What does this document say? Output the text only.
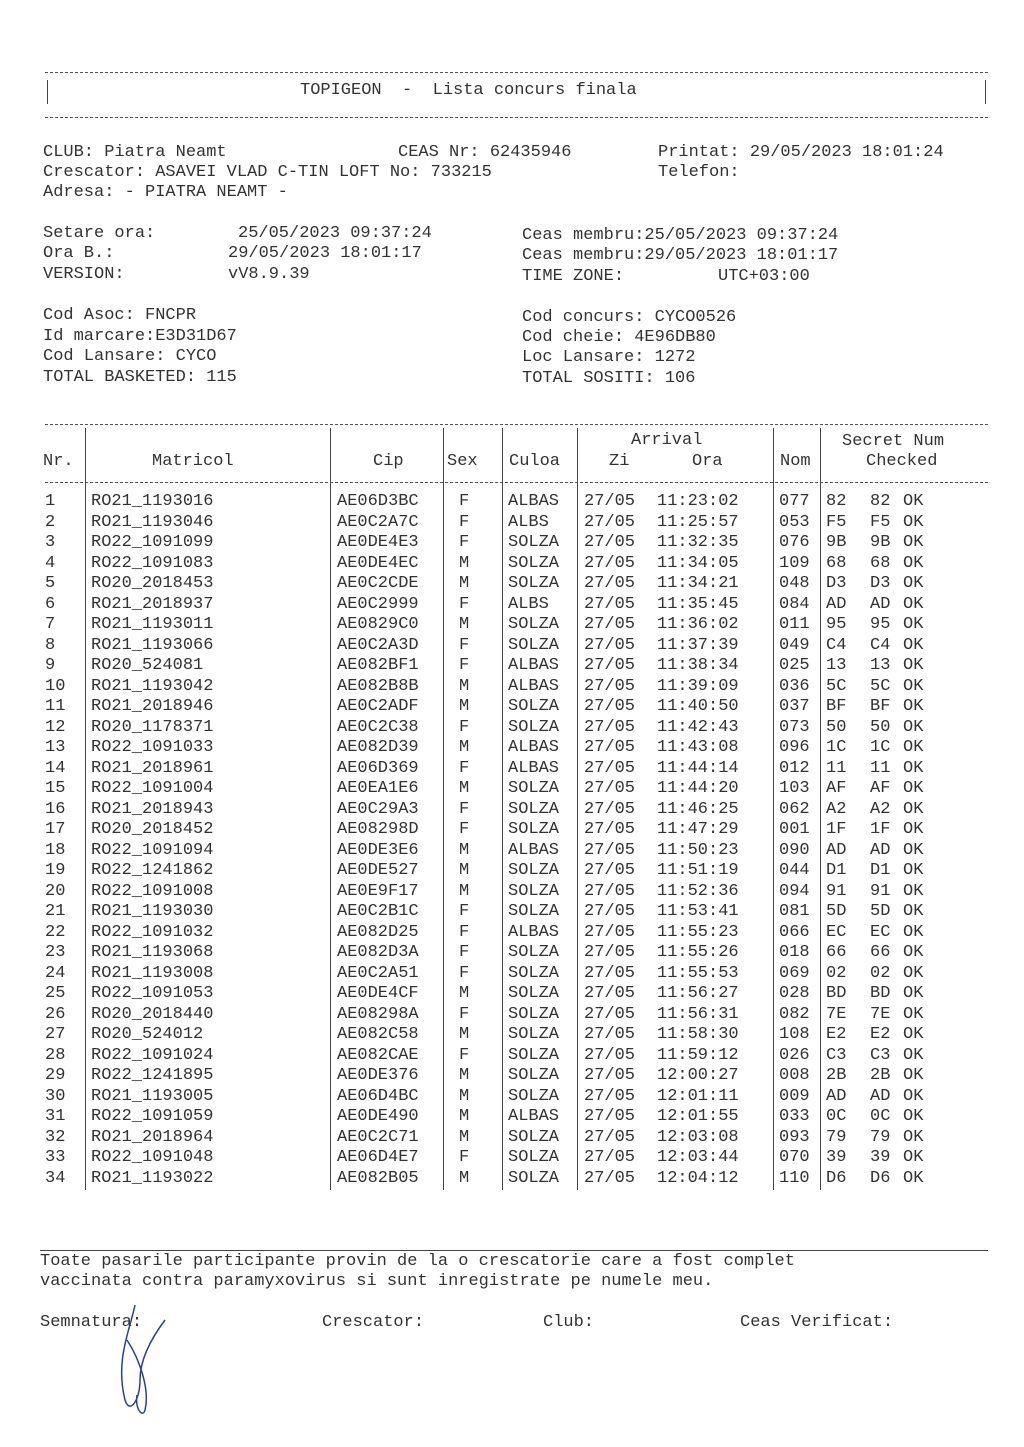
TOPIGEON  -  Lista concurs finala
CLUB: Piatra Neamt	CEAS Nr: 62435946	Printat: 29/05/2023 18:01:24
Crescator: ASAVEI VLAD C-TIN LOFT No: 733215	Telefon:
Adresa: - PIATRA NEAMT -
Setare ora:	25/05/2023 09:37:24
Ora B.:	29/05/2023 18:01:17
VERSION:	vV8.9.39
Ceas membru:25/05/2023 09:37:24
Ceas membru:29/05/2023 18:01:17
TIME ZONE:	UTC+03:00
Cod Asoc: FNCPR
Id marcare:E3D31D67
Cod Lansare: CYCO
TOTAL BASKETED: 115
Cod concurs: CYCO0526
Cod cheie: 4E96DB80
Loc Lansare: 1272
TOTAL SOSITI: 106
Nr.	Matricol	Cip	Sex Culoa
Arrival
Zi	Ora	Nom
Secret Num
Checked
1 RO21_1193016	AE06D3BC F ALBAS 27/05 11:23:02 077 82 82 OK
2 RO21_1193046	AE0C2A7C F ALBS 27/05 11:25:57 053 F5 F5 OK
3 RO22_1091099	AE0DE4E3 F SOLZA 27/05 11:32:35 076 9B 9B OK
4 RO22_1091083	AE0DE4EC M SOLZA 27/05 11:34:05 109 68 68 OK
5 RO20_2018453	AE0C2CDE M SOLZA 27/05 11:34:21 048 D3 D3 OK
6 RO21_2018937	AE0C2999 F ALBS 27/05 11:35:45 084 AD AD OK
7 RO21_1193011	AE0829C0 M SOLZA 27/05 11:36:02 011 95 95 OK
8 RO21_1193066	AE0C2A3D F SOLZA 27/05 11:37:39 049 C4 C4 OK
9 RO20_524081	AE082BF1 F ALBAS 27/05 11:38:34 025 13 13 OK
10 RO21_1193042	AE082B8B M ALBAS 27/05 11:39:09 036 5C 5C OK
11 RO21_2018946	AE0C2ADF M SOLZA 27/05 11:40:50 037 BF BF OK
12 RO20_1178371	AE0C2C38 F SOLZA 27/05 11:42:43 073 50 50 OK
13 RO22_1091033	AE082D39 M ALBAS 27/05 11:43:08 096 1C 1C OK
14 RO21_2018961	AE06D369 F ALBAS 27/05 11:44:14 012 11 11 OK
15 RO22_1091004	AE0EA1E6 M SOLZA 27/05 11:44:20 103 AF AF OK
16 RO21_2018943	AE0C29A3 F SOLZA 27/05 11:46:25 062 A2 A2 OK
17 RO20_2018452	AE08298D F SOLZA 27/05 11:47:29 001 1F 1F OK
18 RO22_1091094	AE0DE3E6 M ALBAS 27/05 11:50:23 090 AD AD OK
19 RO22_1241862	AE0DE527 M SOLZA 27/05 11:51:19 044 D1 D1 OK
20 RO22_1091008	AE0E9F17 M SOLZA 27/05 11:52:36 094 91 91 OK
21 RO21_1193030	AE0C2B1C F SOLZA 27/05 11:53:41 081 5D 5D OK
22 RO22_1091032	AE082D25 F ALBAS 27/05 11:55:23 066 EC EC OK
23 RO21_1193068	AE082D3A F SOLZA 27/05 11:55:26 018 66 66 OK
24 RO21_1193008	AE0C2A51 F SOLZA 27/05 11:55:53 069 02 02 OK
25 RO22_1091053	AE0DE4CF M SOLZA 27/05 11:56:27 028 BD BD OK
26 RO20_2018440	AE08298A F SOLZA 27/05 11:56:31 082 7E 7E OK
27 RO20_524012	AE082C58 M SOLZA 27/05 11:58:30 108 E2 E2 OK
28 RO22_1091024	AE082CAE F SOLZA 27/05 11:59:12 026 C3 C3 OK
29 RO22_1241895	AE0DE376 M SOLZA 27/05 12:00:27 008 2B 2B OK
30 RO21_1193005	AE06D4BC M SOLZA 27/05 12:01:11 009 AD AD OK
31 RO22_1091059	AE0DE490 M ALBAS 27/05 12:01:55 033 0C 0C OK
32 RO21_2018964	AE0C2C71 M SOLZA 27/05 12:03:08 093 79 79 OK
33 RO22_1091048	AE06D4E7 F SOLZA 27/05 12:03:44 070 39 39 OK
34 RO21_1193022	AE082B05 M SOLZA 27/05 12:04:12 110 D6 D6 OK
Toate pasarile participante provin de la o crescatorie care a fost complet
vaccinata contra paramyxovirus si sunt inregistrate pe numele meu.
Semnatura:	Crescator:	Club:	Ceas Verificat:
